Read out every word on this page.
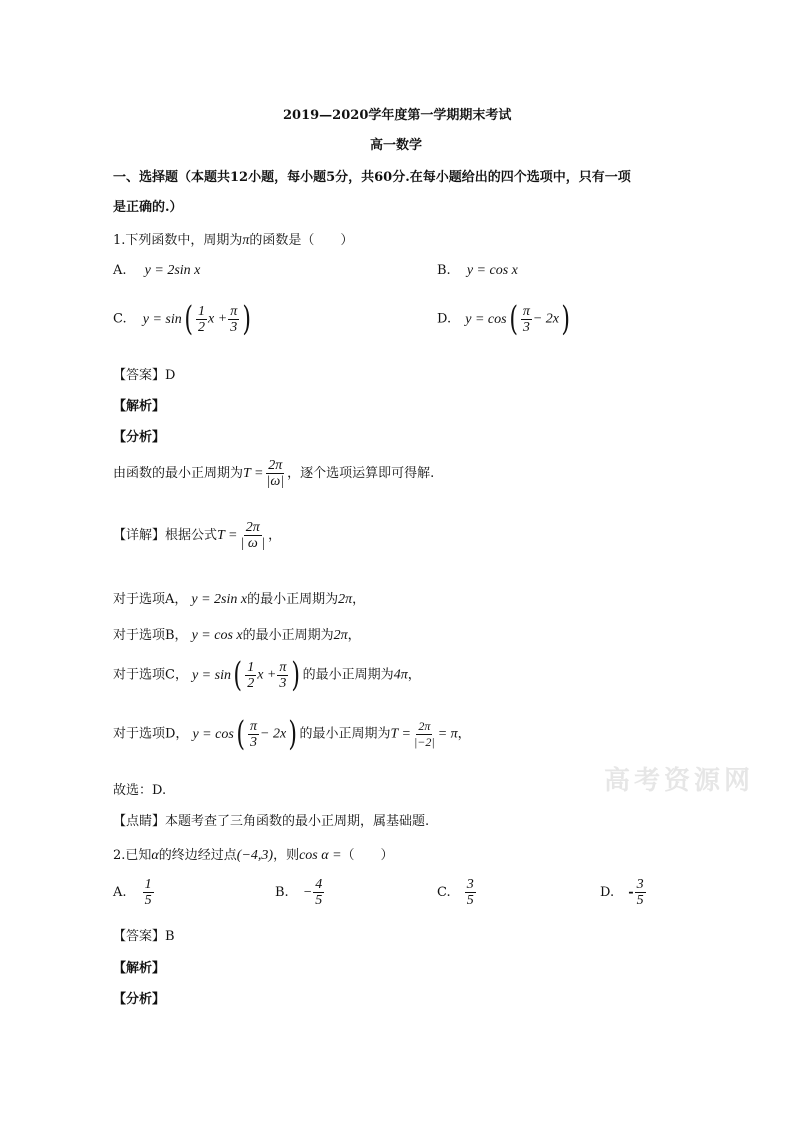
2019—2020学年度第一学期期末考试
高一数学
一、选择题（本题共12小题，每小题5分，共60分.在每小题给出的四个选项中，只有一项
是正确的.）
1.下列函数中，周期为π的函数是（　　）
A. y = 2sin x	B. y = cos x
C. $y = \sin( \frac{1}{2}$ $x + \frac{\pi}{3}$ )	D. $y = \cos( \frac{\pi}{3} - 2x)$
【答案】D
【解析】
【分析】
由函数的最小正周期为$T = \frac{2\pi}{|\omega|}$ ，逐个选项运算即可得解.
【详解】根据公式$T = \frac{2\pi}{| \omega |}$ ，
对于选项A， y = 2sin x的最小正周期为2π，
对于选项B， y = cos x的最小正周期为2π，
对于选项C， $y = \sin( \frac{1}{2}$ $x + \frac{\pi}{3}$ ) 的最小正周期为4π，
对于选项D， $y = \cos( \frac{\pi}{3} - 2x)$ 的最小正周期为$T = \frac{2\pi}{|-2|} = \pi$，
高考资源网
故选：D.
【点睛】本题考查了三角函数的最小正周期，属基础题.
2.已知α的终边经过点(−4,3)，则cos α =（　　）
A. $\frac{1}{5}$	B. − $\frac{4}{5}$	C. $\frac{3}{5}$	D. - $\frac{3}{5}$
【答案】B
【解析】
【分析】
